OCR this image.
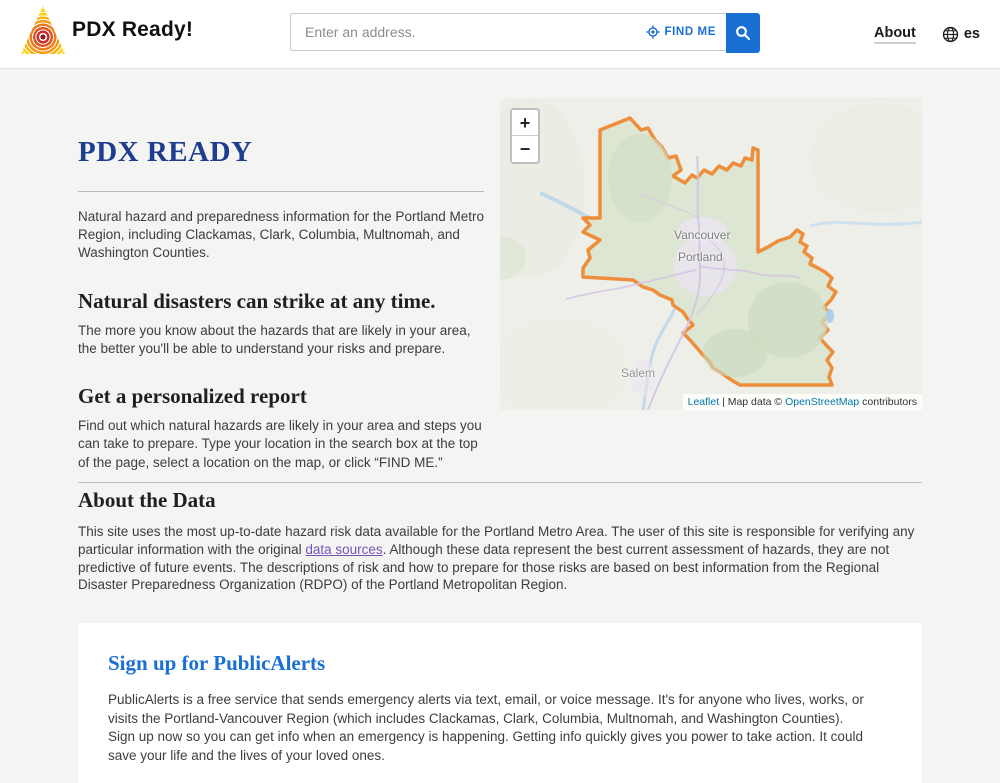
PDX Ready!
Enter an address.	FIND ME	About	es
PDX READY

Natural hazard and preparedness information for the Portland Metro Region, including Clackamas, Clark, Columbia, Multnomah, and Washington Counties.

Natural disasters can strike at any time.

The more you know about the hazards that are likely in your area, the better you'll be able to understand your risks and prepare.

Get a personalized report

Find out which natural hazards are likely in your area and steps you can take to prepare. Type your location in the search box at the top of the page, select a location on the map, or click “FIND ME.”

+
−
Vancouver
Portland
Salem
Leaflet | Map data © OpenStreetMap contributors
About the Data

This site uses the most up-to-date hazard risk data available for the Portland Metro Area. The user of this site is responsible for verifying any particular information with the original data sources. Although these data represent the best current assessment of hazards, they are not predictive of future events. The descriptions of risk and how to prepare for those risks are based on best information from the Regional Disaster Preparedness Organization (RDPO) of the Portland Metropolitan Region.

Sign up for PublicAlerts

PublicAlerts is a free service that sends emergency alerts via text, email, or voice message. It's for anyone who lives, works, or visits the Portland-Vancouver Region (which includes Clackamas, Clark, Columbia, Multnomah, and Washington Counties). Sign up now so you can get info when an emergency is happening. Getting info quickly gives you power to take action. It could save your life and the lives of your loved ones.
